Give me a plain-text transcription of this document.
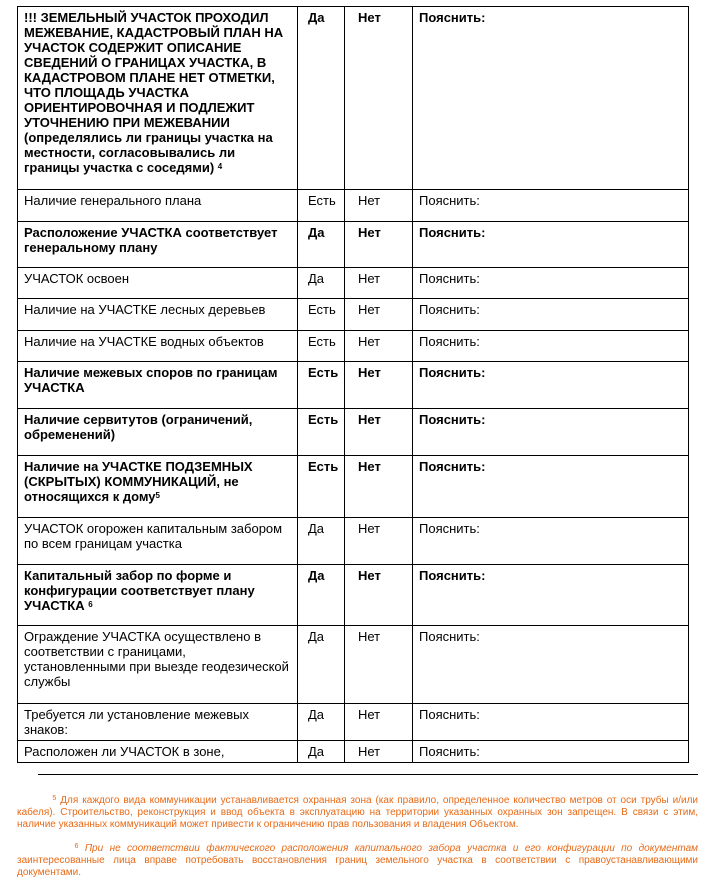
!!! ЗЕМЕЛЬНЫЙ УЧАСТОК ПРОХОДИЛ МЕЖЕВАНИЕ, КАДАСТРОВЫЙ ПЛАН НА УЧАСТОК СОДЕРЖИТ ОПИСАНИЕ СВЕДЕНИЙ О ГРАНИЦАХ УЧАСТКА, В КАДАСТРОВОМ ПЛАНЕ НЕТ ОТМЕТКИ, ЧТО ПЛОЩАДЬ УЧАСТКА ОРИЕНТИРОВОЧНАЯ И ПОДЛЕЖИТ УТОЧНЕНИЮ ПРИ МЕЖЕВАНИИ
(определялись ли границы участка на местности, согласовывались ли границы участка с соседями) $^4$	Да	Нет	Пояснить:
Наличие генерального плана	Есть	Нет	Пояснить:
Расположение УЧАСТКА соответствует генеральному плану	Да	Нет	Пояснить:
УЧАСТОК освоен	Да	Нет	Пояснить:
Наличие на УЧАСТКЕ лесных деревьев	Есть	Нет	Пояснить:
Наличие на УЧАСТКЕ водных объектов	Есть	Нет	Пояснить:
Наличие межевых споров по границам УЧАСТКА	Есть	Нет	Пояснить:
Наличие сервитутов (ограничений, обременений)	Есть	Нет	Пояснить:
Наличие на УЧАСТКЕ ПОДЗЕМНЫХ (СКРЫТЫХ) КОММУНИКАЦИЙ, не относящихся к дому$^5$	Есть	Нет	Пояснить:
УЧАСТОК огорожен капитальным забором по всем границам участка	Да	Нет	Пояснить:
Капитальный забор по форме и конфигурации соответствует плану УЧАСТКА $^6$	Да	Нет	Пояснить:
Ограждение УЧАСТКА осуществлено в соответствии с границами, установленными при выезде геодезической службы	Да	Нет	Пояснить:
Требуется ли установление межевых знаков:	Да	Нет	Пояснить:
Расположен ли УЧАСТОК в зоне,	Да	Нет	Пояснить:
$^5$ Для каждого вида коммуникации устанавливается охранная зона (как правило, определенное количество метров от оси трубы и/или кабеля). Строительство, реконструкция и ввод объекта в эксплуатацию на территории указанных охранных зон запрещен. В связи с этим, наличие указанных коммуникаций может привести к ограничению прав пользования и владения Объектом.
$^6$ При не соответствии фактического расположения капитального забора участка и его конфигурации по документам заинтересованные лица вправе потребовать восстановления границ земельного участка в соответствии с правоустанавливающими документами.
